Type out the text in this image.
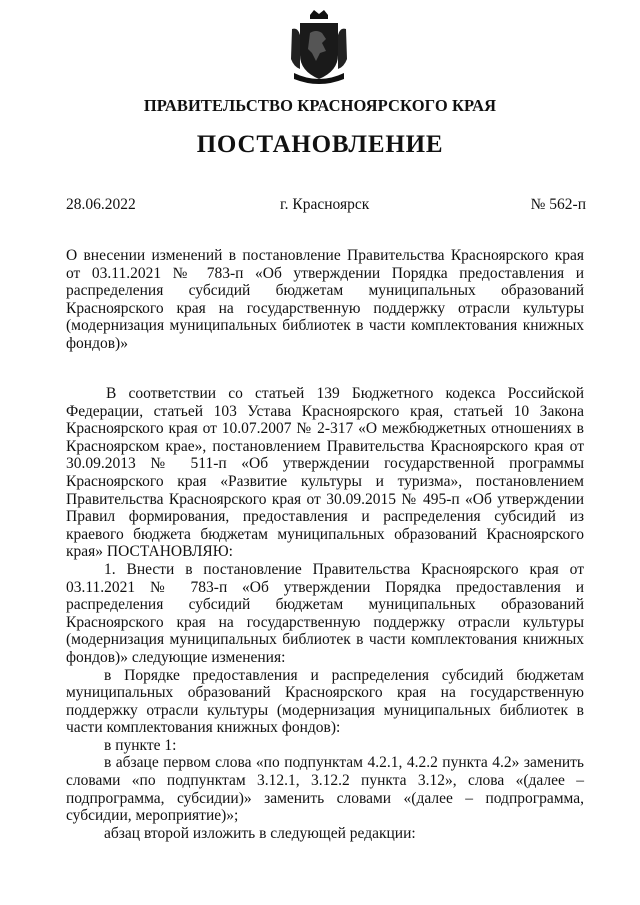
ПРАВИТЕЛЬСТВО КРАСНОЯРСКОГО КРАЯ
ПОСТАНОВЛЕНИЕ
28.06.2022	г. Красноярск	№ 562-п

О внесении изменений в постановление Правительства Красноярского края от 03.11.2021 № 783-п «Об утверждении Порядка предоставления и распределения субсидий бюджетам муниципальных образований Красноярского края на государственную поддержку отрасли культуры (модернизация муниципальных библиотек в части комплектования книжных фондов)»

В соответствии со статьей 139 Бюджетного кодекса Российской Федерации, статьей 103 Устава Красноярского края, статьей 10 Закона Красноярского края от 10.07.2007 № 2-317 «О межбюджетных отношениях в Красноярском крае», постановлением Правительства Красноярского края от 30.09.2013 № 511-п «Об утверждении государственной программы Красноярского края «Развитие культуры и туризма», постановлением Правительства Красноярского края от 30.09.2015 № 495-п «Об утверждении Правил формирования, предоставления и распределения субсидий из краевого бюджета бюджетам муниципальных образований Красноярского края» ПОСТАНОВЛЯЮ:

1. Внести в постановление Правительства Красноярского края от 03.11.2021 № 783-п «Об утверждении Порядка предоставления и распределения субсидий бюджетам муниципальных образований Красноярского края на государственную поддержку отрасли культуры (модернизация муниципальных библиотек в части комплектования книжных фондов)» следующие изменения:

в Порядке предоставления и распределения субсидий бюджетам муниципальных образований Красноярского края на государственную поддержку отрасли культуры (модернизация муниципальных библиотек в части комплектования книжных фондов):

в пункте 1:

в абзаце первом слова «по подпунктам 4.2.1, 4.2.2 пункта 4.2» заменить словами «по подпунктам 3.12.1, 3.12.2 пункта 3.12», слова «(далее – подпрограмма, субсидии)» заменить словами «(далее – подпрограмма, субсидии, мероприятие)»;

абзац второй изложить в следующей редакции:
